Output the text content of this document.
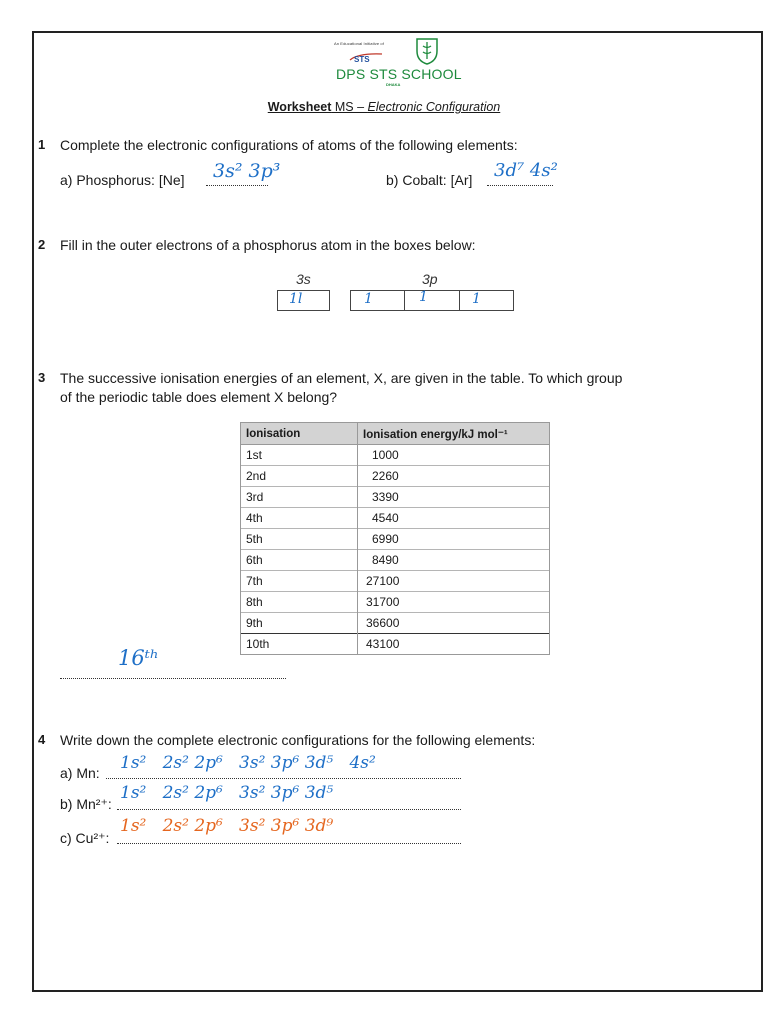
An Educational Initiative of
STS
DPS STS SCHOOL
DHAKA
Worksheet MS – Electronic Configuration
1 Complete the electronic configurations of atoms of the following elements:
a) Phosphorus: [Ne] 3s² 3p³	b) Cobalt: [Ar] 3d⁷ 4s²
2 Fill in the outer electrons of a phosphorus atom in the boxes below:
3s	3p
1l	1	1	1
3 The successive ionisation energies of an element, X, are given in the table. To which group
of the periodic table does element X belong?
Ionisation	Ionisation energy/kJ mol⁻¹
1st	1000
2nd	2260
3rd	3390
4th	4540
5th	6990
6th	8490
7th	27100
8th	31700
9th	36600
10th	43100
16ᵗʰ
4 Write down the complete electronic configurations for the following elements:
a) Mn: 1s²   2s² 2p⁶   3s² 3p⁶ 3d⁵   4s²
b) Mn²⁺:
1s²   2s² 2p⁶   3s² 3p⁶ 3d⁵
c) Cu²⁺:
1s²   2s² 2p⁶   3s² 3p⁶ 3d⁹
